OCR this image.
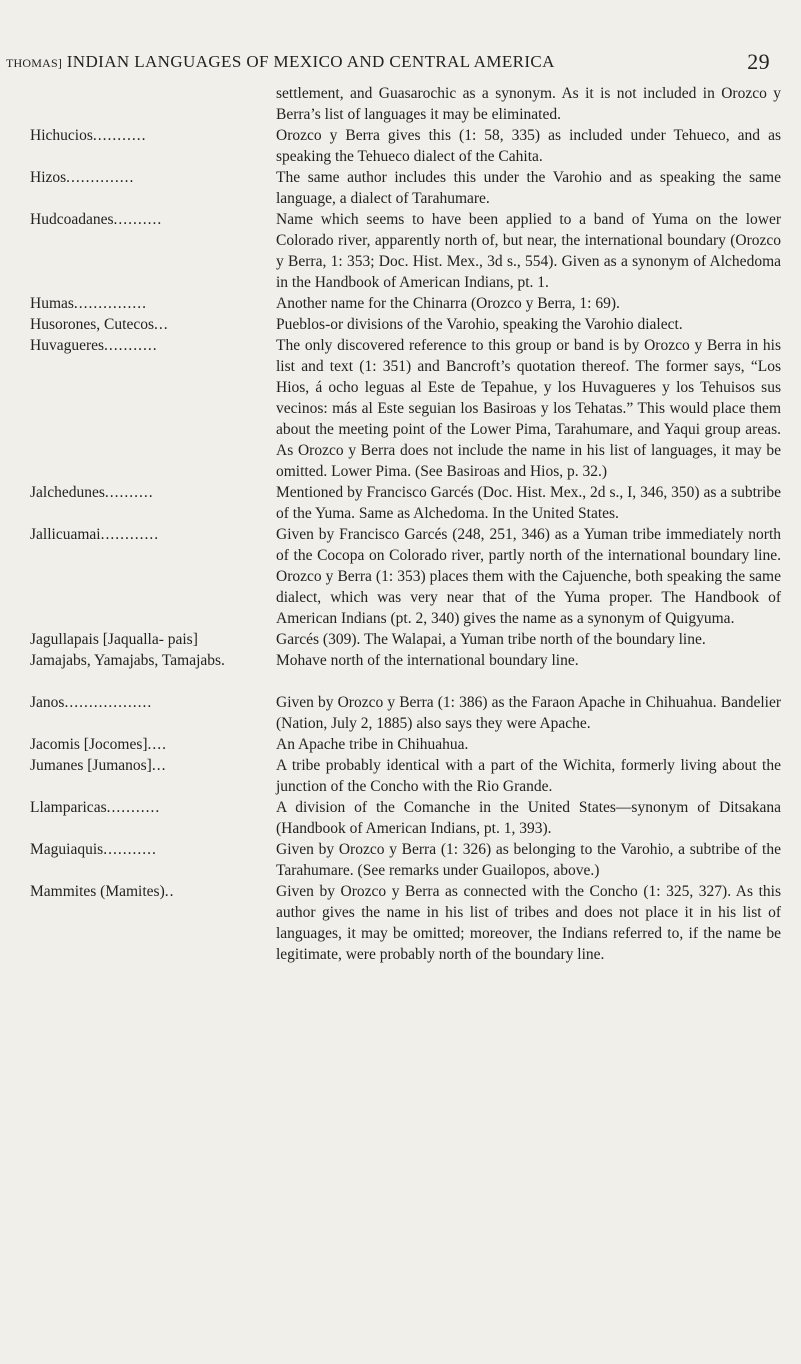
THOMAS] INDIAN LANGUAGES OF MEXICO AND CENTRAL AMERICA	29
settlement, and Guasarochic as a synonym. As it is not included in Orozco y Berra’s list of languages it may be eliminated.
Hichucios...........	Orozco y Berra gives this (1: 58, 335) as included under Tehueco, and as speaking the Tehueco dialect of the Cahita.
Hizos..............	The same author includes this under the Varohio and as speaking the same language, a dialect of Tarahumare.
Hudcoadanes..........	Name which seems to have been applied to a band of Yuma on the lower Colorado river, apparently north of, but near, the international boundary (Orozco y Berra, 1: 353; Doc. Hist. Mex., 3d s., 554). Given as a synonym of Alchedoma in the Handbook of American Indians, pt. 1.
Humas...............	Another name for the Chinarra (Orozco y Berra, 1: 69).
Husorones, Cutecos...	Pueblos-or divisions of the Varohio, speaking the Varohio dialect.
Huvagueres...........	The only discovered reference to this group or band is by Orozco y Berra in his list and text (1: 351) and Bancroft’s quotation thereof. The former says, “Los Hios, á ocho leguas al Este de Tepahue, y los Huvagueres y los Tehuisos sus vecinos: más al Este seguian los Basiroas y los Tehatas.” This would place them about the meeting point of the Lower Pima, Tarahumare, and Yaqui group areas. As Orozco y Berra does not include the name in his list of languages, it may be omitted. Lower Pima. (See Basiroas and Hios, p. 32.)
Jalchedunes..........	Mentioned by Francisco Garcés (Doc. Hist. Mex., 2d s., I, 346, 350) as a subtribe of the Yuma. Same as Alchedoma. In the United States.
Jallicuamai............	Given by Francisco Garcés (248, 251, 346) as a Yuman tribe immediately north of the Cocopa on Colorado river, partly north of the international boundary line. Orozco y Berra (1: 353) places them with the Cajuenche, both speaking the same dialect, which was very near that of the Yuma proper. The Handbook of American Indians (pt. 2, 340) gives the name as a synonym of Quigyuma.
Jagullapais [Jaqualla- pais]	Garcés (309). The Walapai, a Yuman tribe north of the boundary line.
Jamajabs, Yamajabs, Tamajabs.	Mohave north of the international boundary line.
Janos..................	Given by Orozco y Berra (1: 386) as the Faraon Apache in Chihuahua. Bandelier (Nation, July 2, 1885) also says they were Apache.
Jacomis [Jocomes]....	An Apache tribe in Chihuahua.
Jumanes [Jumanos]...	A tribe probably identical with a part of the Wichita, formerly living about the junction of the Concho with the Rio Grande.
Llamparicas...........	A division of the Comanche in the United States—synonym of Ditsakana (Handbook of American Indians, pt. 1, 393).
Maguiaquis...........	Given by Orozco y Berra (1: 326) as belonging to the Varohio, a subtribe of the Tarahumare. (See remarks under Guailopos, above.)
Mammites (Mamites)..	Given by Orozco y Berra as connected with the Concho (1: 325, 327). As this author gives the name in his list of tribes and does not place it in his list of languages, it may be omitted; moreover, the Indians referred to, if the name be legitimate, were probably north of the boundary line.
